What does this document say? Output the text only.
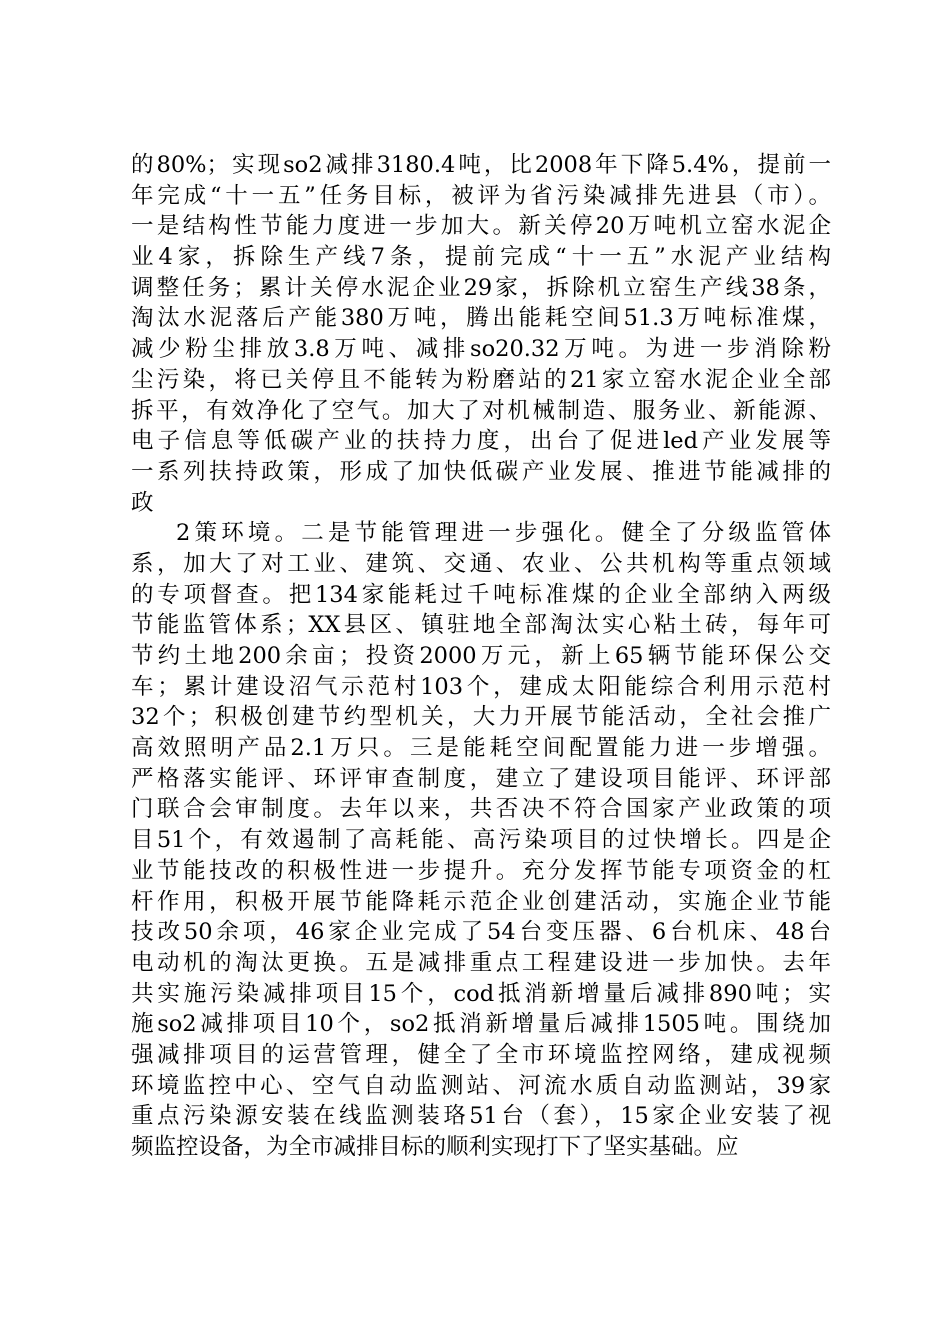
的80%；实现so2减排3180.4吨，比2008年下降5.4%，提前一
年完成“十一五”任务目标，被评为省污染减排先进县（市）。
一是结构性节能力度进一步加大。新关停20万吨机立窑水泥企
业4家，拆除生产线7条，提前完成“十一五”水泥产业结构
调整任务；累计关停水泥企业29家，拆除机立窑生产线38条，
淘汰水泥落后产能380万吨，腾出能耗空间51.3万吨标准煤，
减少粉尘排放3.8万吨、减排so20.32万吨。为进一步消除粉
尘污染，将已关停且不能转为粉磨站的21家立窑水泥企业全部
拆平，有效净化了空气。加大了对机械制造、服务业、新能源、
电子信息等低碳产业的扶持力度，出台了促进led产业发展等
一系列扶持政策，形成了加快低碳产业发展、推进节能减排的
政
2策环境。二是节能管理进一步强化。健全了分级监管体
系，加大了对工业、建筑、交通、农业、公共机构等重点领域
的专项督查。把134家能耗过千吨标准煤的企业全部纳入两级
节能监管体系；XX县区、镇驻地全部淘汰实心粘土砖，每年可
节约土地200余亩；投资2000万元，新上65辆节能环保公交
车；累计建设沼气示范村103个，建成太阳能综合利用示范村
32个；积极创建节约型机关，大力开展节能活动，全社会推广
高效照明产品2.1万只。三是能耗空间配置能力进一步增强。
严格落实能评、环评审查制度，建立了建设项目能评、环评部
门联合会审制度。去年以来，共否决不符合国家产业政策的项
目51个，有效遏制了高耗能、高污染项目的过快增长。四是企
业节能技改的积极性进一步提升。充分发挥节能专项资金的杠
杆作用，积极开展节能降耗示范企业创建活动，实施企业节能
技改50余项，46家企业完成了54台变压器、6台机床、48台
电动机的淘汰更换。五是减排重点工程建设进一步加快。去年
共实施污染减排项目15个，cod抵消新增量后减排890吨；实
施so2减排项目10个，so2抵消新增量后减排1505吨。围绕加
强减排项目的运营管理，健全了全市环境监控网络，建成视频
环境监控中心、空气自动监测站、河流水质自动监测站，39家
重点污染源安装在线监测装珞51台（套），15家企业安装了视
频监控设备，为全市减排目标的顺利实现打下了坚实基础。应
